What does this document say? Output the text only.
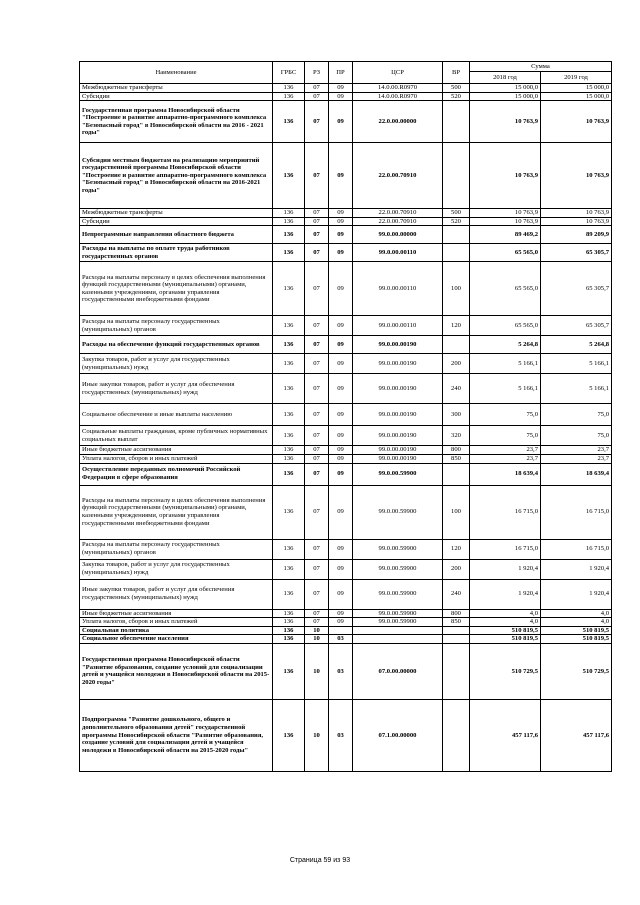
Наименование	ГРБС	РЗ	ПР	ЦСР	ВР	Сумма	
						2018 год	2019 год
Межбюджетные трансферты	136	07	09	14.0.00.R0970	500	15 000,0	15 000,0
Субсидии	136	07	09	14.0.00.R0970	520	15 000,0	15 000,0
Государственная программа Новосибирской области "Построение и развитие аппаратно-программного комплекса "Безопасный город" в Новосибирской области на 2016 - 2021 годы"	136	07	09	22.0.00.00000		10 763,9	10 763,9
Субсидии местным бюджетам на реализацию мероприятий государственной программы Новосибирской области "Построение и развитие аппаратно-программного комплекса "Безопасный город" в Новосибирской области на 2016-2021 годы"	136	07	09	22.0.00.70910		10 763,9	10 763,9
Межбюджетные трансферты	136	07	09	22.0.00.70910	500	10 763,9	10 763,9
Субсидии	136	07	09	22.0.00.70910	520	10 763,9	10 763,9
Непрограммные направления областного бюджета	136	07	09	99.0.00.00000		89 469,2	89 209,9
Расходы на выплаты по оплате труда работников государственных органов	136	07	09	99.0.00.00110		65 565,0	65 305,7
Расходы на выплаты персоналу в целях обеспечения выполнения функций государственными (муниципальными) органами, казенными учреждениями, органами управления государственными внебюджетными фондами	136	07	09	99.0.00.00110	100	65 565,0	65 305,7
Расходы на выплаты персоналу государственных (муниципальных) органов	136	07	09	99.0.00.00110	120	65 565,0	65 305,7
Расходы на обеспечение функций государственных органов	136	07	09	99.0.00.00190		5 264,8	5 264,8
Закупка товаров, работ и услуг для государственных (муниципальных) нужд	136	07	09	99.0.00.00190	200	5 166,1	5 166,1
Иные закупки товаров, работ и услуг для обеспечения государственных (муниципальных) нужд	136	07	09	99.0.00.00190	240	5 166,1	5 166,1
Социальное обеспечение и иные выплаты населению	136	07	09	99.0.00.00190	300	75,0	75,0
Социальные выплаты гражданам, кроме публичных нормативных социальных выплат	136	07	09	99.0.00.00190	320	75,0	75,0
Иные бюджетные ассигнования	136	07	09	99.0.00.00190	800	23,7	23,7
Уплата налогов, сборов и иных платежей	136	07	09	99.0.00.00190	850	23,7	23,7
Осуществление переданных полномочий Российской Федерации в сфере образования	136	07	09	99.0.00.59900		18 639,4	18 639,4
Расходы на выплаты персоналу в целях обеспечения выполнения функций государственными (муниципальными) органами, казенными учреждениями, органами управления государственными внебюджетными фондами	136	07	09	99.0.00.59900	100	16 715,0	16 715,0
Расходы на выплаты персоналу государственных (муниципальных) органов	136	07	09	99.0.00.59900	120	16 715,0	16 715,0
Закупка товаров, работ и услуг для государственных (муниципальных) нужд	136	07	09	99.0.00.59900	200	1 920,4	1 920,4
Иные закупки товаров, работ и услуг для обеспечения государственных (муниципальных) нужд	136	07	09	99.0.00.59900	240	1 920,4	1 920,4
Иные бюджетные ассигнования	136	07	09	99.0.00.59900	800	4,0	4,0
Уплата налогов, сборов и иных платежей	136	07	09	99.0.00.59900	850	4,0	4,0
Социальная политика	136	10				510 819,5	510 819,5
Социальное обеспечение населения	136	10	03			510 819,5	510 819,5
Государственная программа Новосибирской области "Развитие образования, создание условий для социализации детей и учащейся молодежи в Новосибирской области на 2015-2020 годы"	136	10	03	07.0.00.00000		510 729,5	510 729,5
Подпрограмма "Развитие дошкольного, общего и дополнительного образования детей" государственной программы Новосибирской области "Развитие образования, создание условий для социализации детей и учащейся молодежи в Новосибирской области на 2015-2020 годы"	136	10	03	07.1.00.00000		457 117,6	457 117,6
Страница 59 из 93
